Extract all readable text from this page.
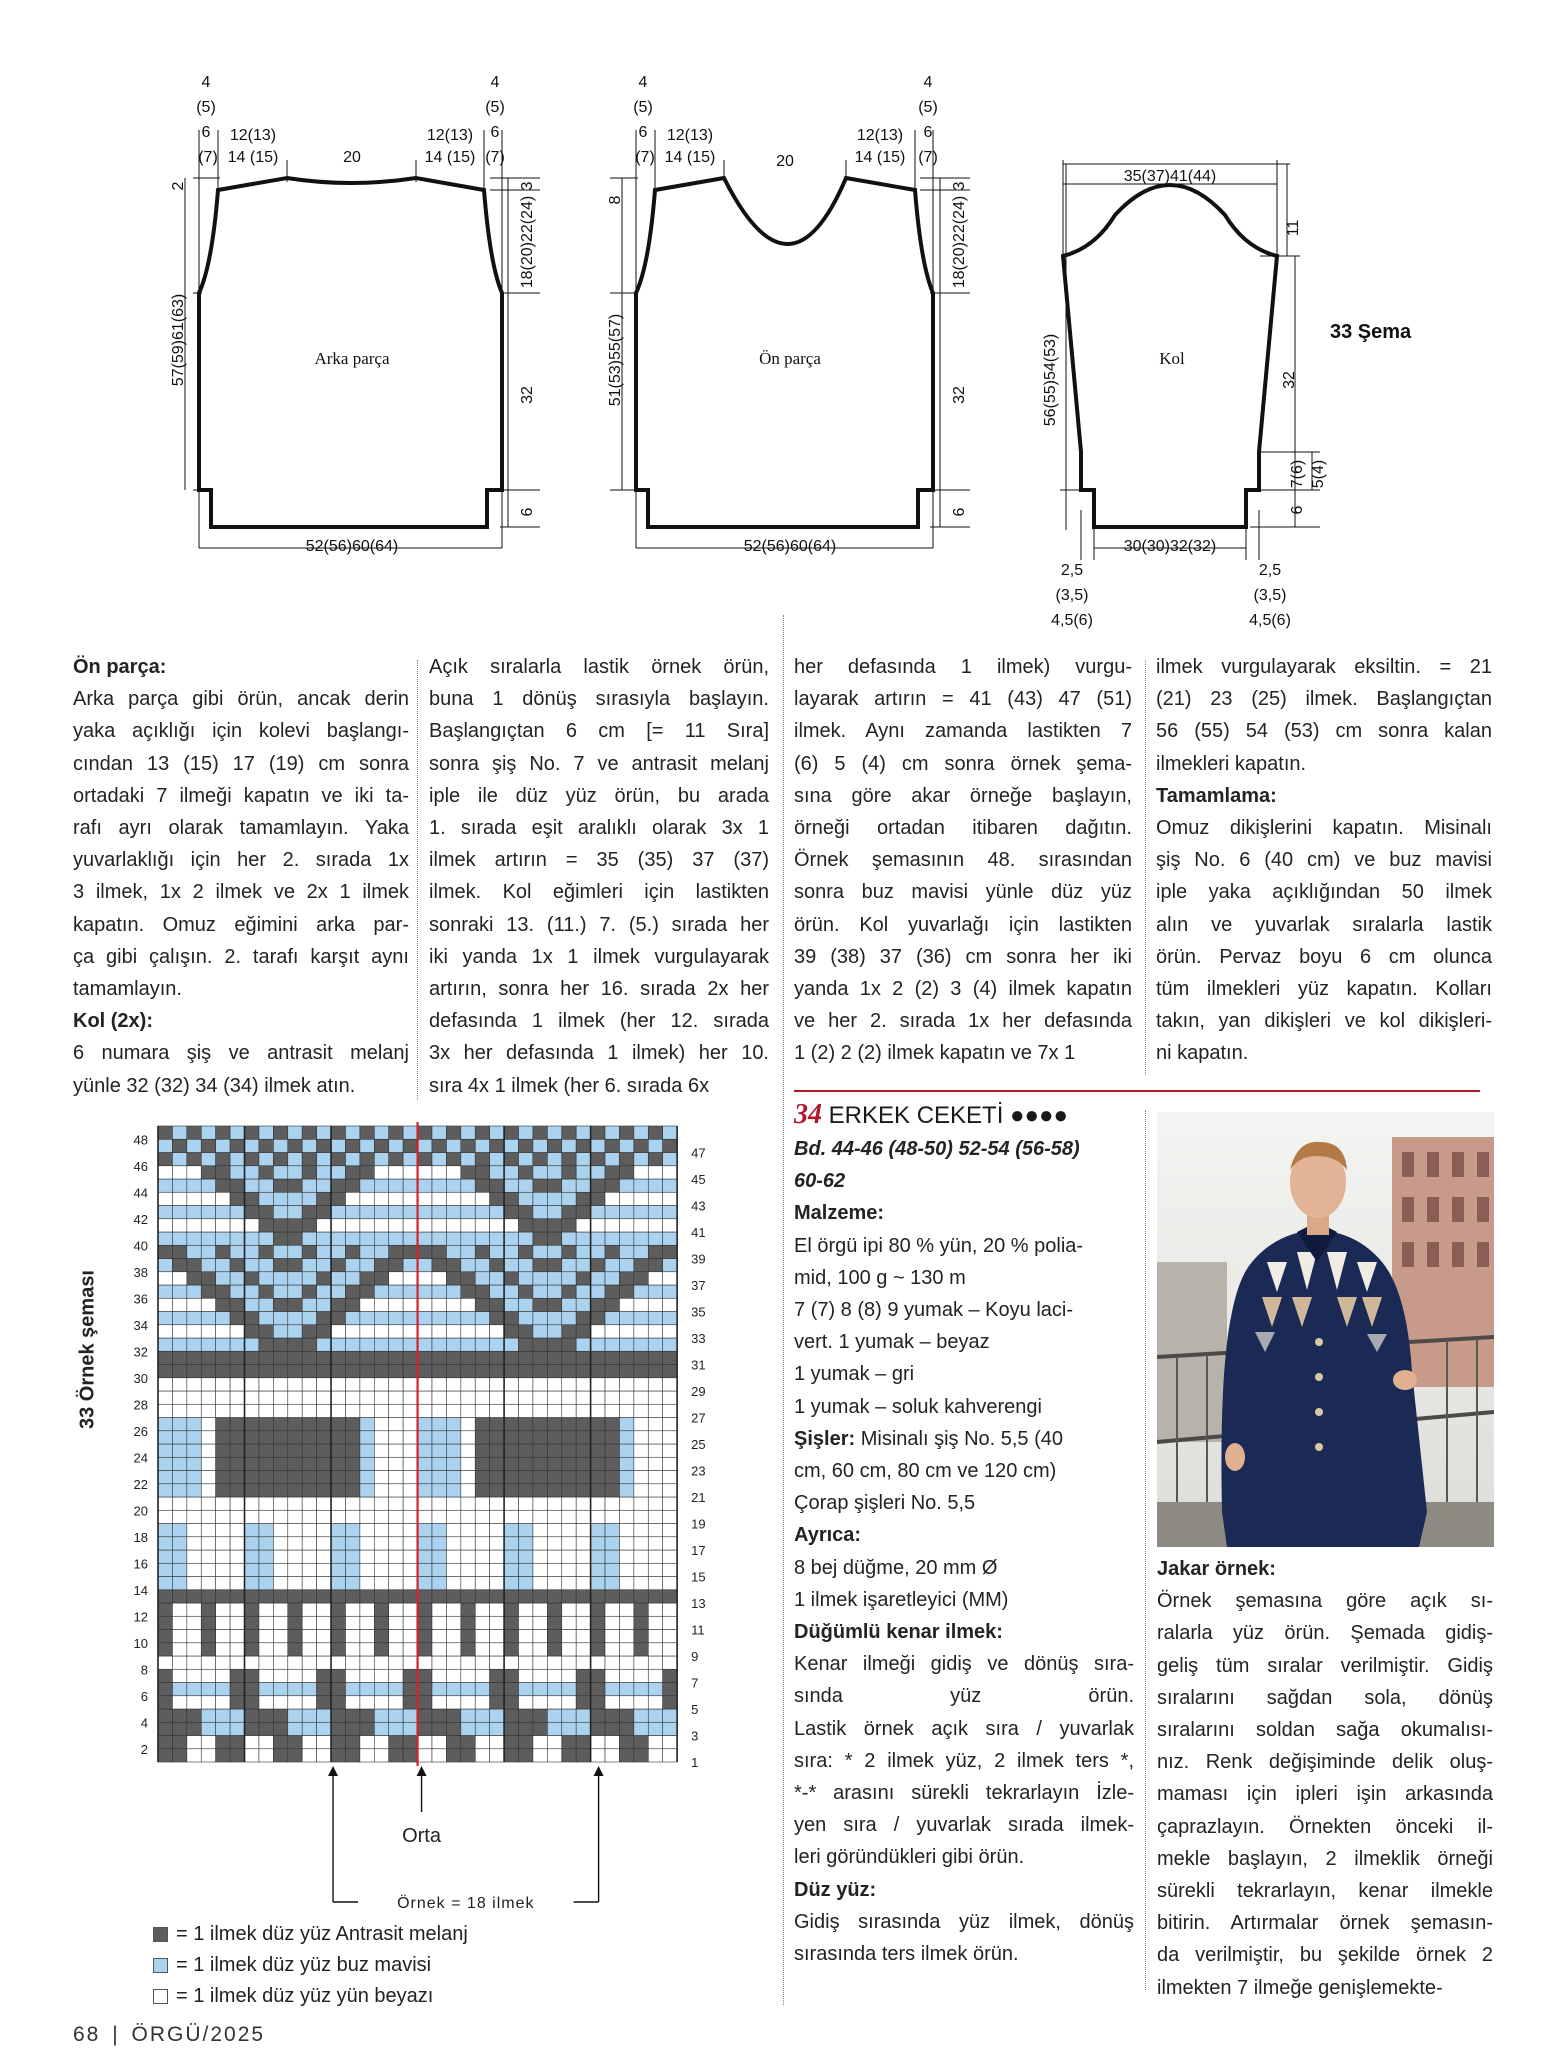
4
(5)
6
(7)
12(13)
14 (15)	20
12(13)
14 (15)
4
(5)
6
(7)
Arka parça
52(56)60(64)
2
57(59)61(63)
3
18(20)22(24)
32
6
4
(5)
6
(7)
12(13)
14 (15)	20
12(13)
14 (15)
4
(5)
6
(7)
Ön parça
52(56)60(64)
8
51(53)55(57)
3
18(20)22(24)
32
6
35(37)41(44)
11
56(55)54(53)	Kol
32
7(6) 5(4)
6
30(30)32(32)
2,5
(3,5)
4,5(6)
2,5
(3,5)
4,5(6)
33 Şema

Ön parça:

Arka parça gibi örün, ancak derin

yaka açıklığı için kolevi başlangı-

cından 13 (15) 17 (19) cm sonra

ortadaki 7 ilmeği kapatın ve iki ta-

rafı ayrı olarak tamamlayın. Yaka

yuvarlaklığı için her 2. sırada 1x

3 ilmek, 1x 2 ilmek ve 2x 1 ilmek

kapatın. Omuz eğimini arka par-

ça gibi çalışın. 2. tarafı karşıt aynı

tamamlayın.

Kol (2x):

6 numara şiş ve antrasit melanj

yünle 32 (32) 34 (34) ilmek atın.

Açık sıralarla lastik örnek örün,

buna 1 dönüş sırasıyla başlayın.

Başlangıçtan 6 cm [= 11 Sıra]

sonra şiş No. 7 ve antrasit melanj

iple ile düz yüz örün, bu arada

1. sırada eşit aralıklı olarak 3x 1

ilmek artırın = 35 (35) 37 (37)

ilmek. Kol eğimleri için lastikten

sonraki 13. (11.) 7. (5.) sırada her

iki yanda 1x 1 ilmek vurgulayarak

artırın, sonra her 16. sırada 2x her

defasında 1 ilmek (her 12. sırada

3x her defasında 1 ilmek) her 10.

sıra 4x 1 ilmek (her 6. sırada 6x

her defasında 1 ilmek) vurgu-

layarak artırın = 41 (43) 47 (51)

ilmek. Aynı zamanda lastikten 7

(6) 5 (4) cm sonra örnek şema-

sına göre akar örneğe başlayın,

örneği ortadan itibaren dağıtın.

Örnek şemasının 48. sırasından

sonra buz mavisi yünle düz yüz

örün. Kol yuvarlağı için lastikten

39 (38) 37 (36) cm sonra her iki

yanda 1x 2 (2) 3 (4) ilmek kapatın

ve her 2. sırada 1x her defasında

1 (2) 2 (2) ilmek kapatın ve 7x 1

ilmek vurgulayarak eksiltin. = 21

(21) 23 (25) ilmek. Başlangıçtan

56 (55) 54 (53) cm sonra kalan

ilmekleri kapatın.

Tamamlama:

Omuz dikişlerini kapatın. Misinalı

şiş No. 6 (40 cm) ve buz mavisi

iple yaka açıklığından 50 ilmek

alın ve yuvarlak sıralarla lastik

örün. Pervaz boyu 6 cm olunca

tüm ilmekleri yüz kapatın. Kolları

takın, yan dikişleri ve kol dikişleri-

ni kapatın.

34 ERKEK CEKETİ ●●●●

Bd. 44-46 (48-50) 52-54 (56-58)

60-62

Malzeme:

El örgü ipi 80 % yün, 20 % polia-

mid, 100 g ~ 130 m

7 (7) 8 (8) 9 yumak – Koyu laci-

vert. 1 yumak – beyaz

1 yumak – gri

1 yumak – soluk kahverengi

Şişler: Misinalı şiş No. 5,5 (40

cm, 60 cm, 80 cm ve 120 cm)

Çorap şişleri No. 5,5

Ayrıca:

8 bej düğme, 20 mm Ø

1 ilmek işaretleyici (MM)

Düğümlü kenar ilmek:

Kenar ilmeği gidiş ve dönüş sıra-

sında yüz örün.

Lastik örnek açık sıra / yuvarlak

sıra: * 2 ilmek yüz, 2 ilmek ters *,

*-* arasını sürekli tekrarlayın İzle-

yen sıra / yuvarlak sırada ilmek-

leri göründükleri gibi örün.

Düz yüz:

Gidiş sırasında yüz ilmek, dönüş

sırasında ters ilmek örün.

Jakar örnek:

Örnek şemasına göre açık sı-

ralarla yüz örün. Şemada gidiş-

geliş tüm sıralar verilmiştir. Gidiş

sıralarını sağdan sola, dönüş

sıralarını soldan sağa okumalısı-

nız. Renk değişiminde delik oluş-

maması için ipleri işin arkasında

çaprazlayın. Örnekten önceki il-

mekle başlayın, 2 ilmeklik örneği

sürekli tekrarlayın, kenar ilmekle

bitirin. Artırmalar örnek şemasın-

da verilmiştir, bu şekilde örnek 2

ilmekten 7 ilmeğe genişlemekte-

33 Örnek şeması
48
46
44
42
40
38
36
34
32
30
28
26
24
22
20
18
16
14
12
10
8
6
4
2
47
45
43
41
39
37
35
33
31
29
27
25
23
21
19
17
15
13
11
9
7
5
3
1
Orta
Örnek = 18 ilmek
= 1 ilmek düz yüz Antrasit melanj
= 1 ilmek düz yüz buz mavisi
= 1 ilmek düz yüz yün beyazı
68 | ÖRGÜ/2025
